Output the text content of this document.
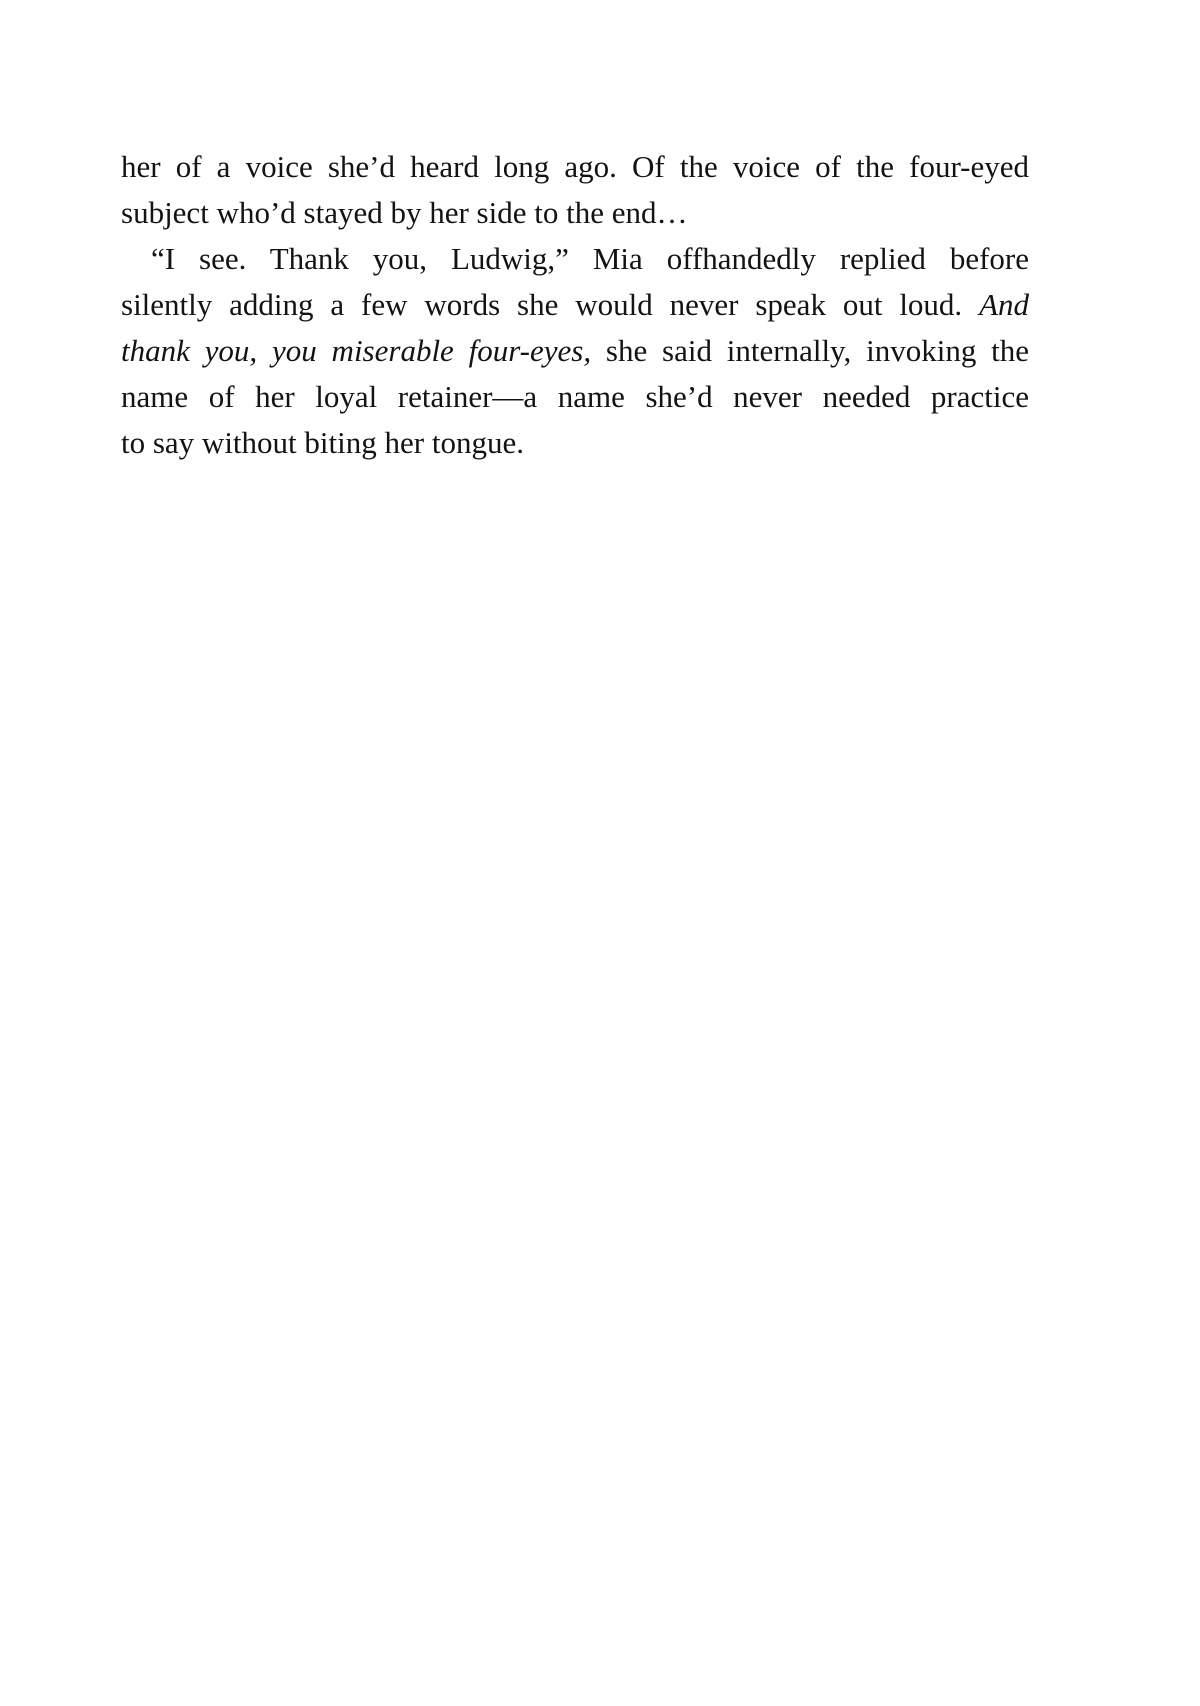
her of a voice she’d heard long ago. Of the voice of the four-eyed
subject who’d stayed by her side to the end…
“I see. Thank you, Ludwig,” Mia offhandedly replied before
silently adding a few words she would never speak out loud. And
thank you, you miserable four-eyes, she said internally, invoking the
name of her loyal retainer—a name she’d never needed practice
to say without biting her tongue.
